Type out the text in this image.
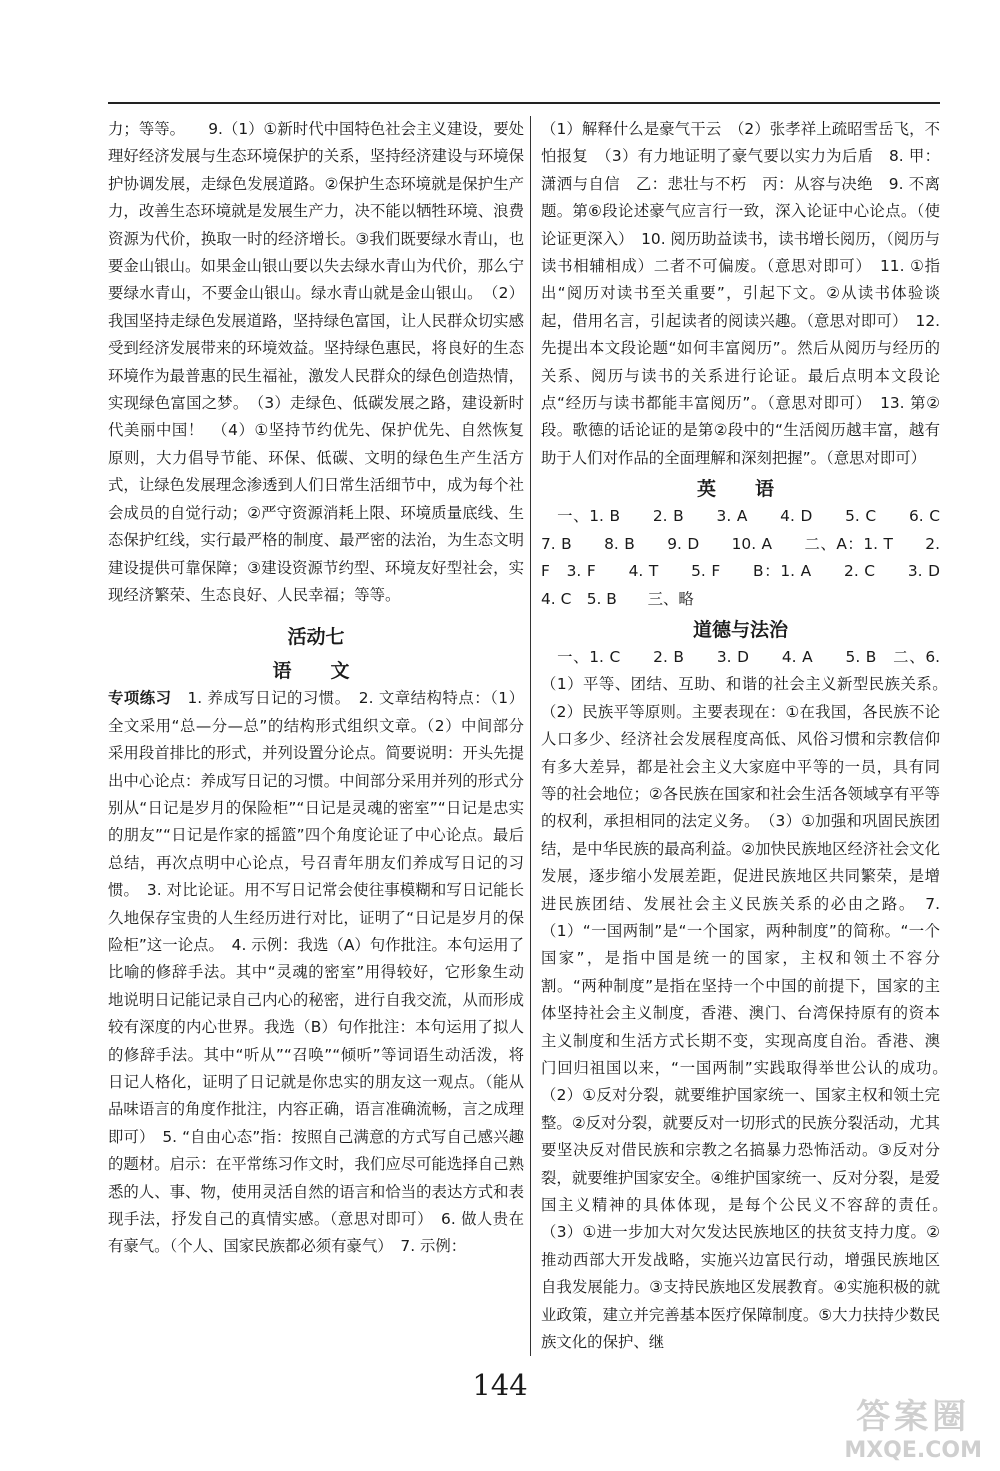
力；等等。　　9.（1）①新时代中国特色社会主义建设，要处理好经济发展与生态环境保护的关系，坚持经济建设与环境保护协调发展，走绿色发展道路。②保护生态环境就是保护生产力，改善生态环境就是发展生产力，决不能以牺牲环境、浪费资源为代价，换取一时的经济增长。③我们既要绿水青山，也要金山银山。如果金山银山要以失去绿水青山为代价，那么宁要绿水青山，不要金山银山。绿水青山就是金山银山。　（2）我国坚持走绿色发展道路，坚持绿色富国，让人民群众切实感受到经济发展带来的环境效益。坚持绿色惠民，将良好的生态环境作为最普惠的民生福祉，激发人民群众的绿色创造热情，实现绿色富国之梦。　（3）走绿色、低碳发展之路，建设新时代美丽中国！　（4）①坚持节约优先、保护优先、自然恢复原则，大力倡导节能、环保、低碳、文明的绿色生产生活方式，让绿色发展理念渗透到人们日常生活细节中，成为每个社会成员的自觉行动；②严守资源消耗上限、环境质量底线、生态保护红线，实行最严格的制度、最严密的法治，为生态文明建设提供可靠保障；③建设资源节约型、环境友好型社会，实现经济繁荣、生态良好、人民幸福；等等。

活动七

语　文

专项练习　1. 养成写日记的习惯。　2. 文章结构特点：（1）全文采用“总—分—总”的结构形式组织文章。（2）中间部分采用段首排比的形式，并列设置分论点。简要说明：开头先提出中心论点：养成写日记的习惯。中间部分采用并列的形式分别从“日记是岁月的保险柜”“日记是灵魂的密室”“日记是忠实的朋友”“日记是作家的摇篮”四个角度论证了中心论点。最后总结，再次点明中心论点，号召青年朋友们养成写日记的习惯。　3. 对比论证。用不写日记常会使往事模糊和写日记能长久地保存宝贵的人生经历进行对比，证明了“日记是岁月的保险柜”这一论点。　4. 示例：我选（A）句作批注。本句运用了比喻的修辞手法。其中“灵魂的密室”用得较好，它形象生动地说明日记能记录自己内心的秘密，进行自我交流，从而形成较有深度的内心世界。我选（B）句作批注：本句运用了拟人的修辞手法。其中“听从”“召唤”“倾听”等词语生动活泼，将日记人格化，证明了日记就是你忠实的朋友这一观点。（能从品味语言的角度作批注，内容正确，语言准确流畅，言之成理即可）　5. “自由心态”指：按照自己满意的方式写自己感兴趣的题材。启示：在平常练习作文时，我们应尽可能选择自己熟悉的人、事、物，使用灵活自然的语言和恰当的表达方式和表现手法，抒发自己的真情实感。（意思对即可）　6. 做人贵在有豪气。（个人、国家民族都必须有豪气）　7. 示例：

（1）解释什么是豪气干云　（2）张孝祥上疏昭雪岳飞，不怕报复　（3）有力地证明了豪气要以实力为后盾　8. 甲：潇洒与自信　乙：悲壮与不朽　丙：从容与决绝　9. 不离题。第⑥段论述豪气应言行一致，深入论证中心论点。（使论证更深入）　10. 阅历助益读书，读书增长阅历，（阅历与读书相辅相成）二者不可偏废。（意思对即可）　11. ①指出“阅历对读书至关重要”，引起下文。②从读书体验谈起，借用名言，引起读者的阅读兴趣。（意思对即可）　12. 先提出本文段论题“如何丰富阅历”。然后从阅历与经历的关系、阅历与读书的关系进行论证。最后点明本文段论点“经历与读书都能丰富阅历”。（意思对即可）　13. 第②段。歌德的话论证的是第②段中的“生活阅历越丰富，越有助于人们对作品的全面理解和深刻把握”。（意思对即可）

英　语

　一、1. B　　2. B　　3. A　　4. D　　5. C　　6. C　7. B　　8. B　　9. D　　10. A　　二、A：1. T　　2. F　3. F　　4. T　　5. F　　B：1. A　　2. C　　3. D　　4. C　5. B　　三、略

道德与法治

　一、1. C　　2. B　　3. D　　4. A　　5. B　二、6.（1）平等、团结、互助、和谐的社会主义新型民族关系。　（2）民族平等原则。主要表现在：①在我国，各民族不论人口多少、经济社会发展程度高低、风俗习惯和宗教信仰有多大差异，都是社会主义大家庭中平等的一员，具有同等的社会地位；②各民族在国家和社会生活各领域享有平等的权利，承担相同的法定义务。　（3）①加强和巩固民族团结，是中华民族的最高利益。②加快民族地区经济社会文化发展，逐步缩小发展差距，促进民族地区共同繁荣，是增进民族团结、发展社会主义民族关系的必由之路。　7.（1）“一国两制”是“一个国家，两种制度”的简称。“一个国家”，是指中国是统一的国家，主权和领土不容分割。“两种制度”是指在坚持一个中国的前提下，国家的主体坚持社会主义制度，香港、澳门、台湾保持原有的资本主义制度和生活方式长期不变，实现高度自治。香港、澳门回归祖国以来，“一国两制”实践取得举世公认的成功。　（2）①反对分裂，就要维护国家统一、国家主权和领土完整。②反对分裂，就要反对一切形式的民族分裂活动，尤其要坚决反对借民族和宗教之名搞暴力恐怖活动。③反对分裂，就要维护国家安全。④维护国家统一、反对分裂，是爱国主义精神的具体体现，是每个公民义不容辞的责任。　（3）①进一步加大对欠发达民族地区的扶贫支持力度。②推动西部大开发战略，实施兴边富民行动，增强民族地区自我发展能力。③支持民族地区发展教育。④实施积极的就业政策，建立并完善基本医疗保障制度。⑤大力扶持少数民族文化的保护、继

144
答案圈
MXQE.COM
